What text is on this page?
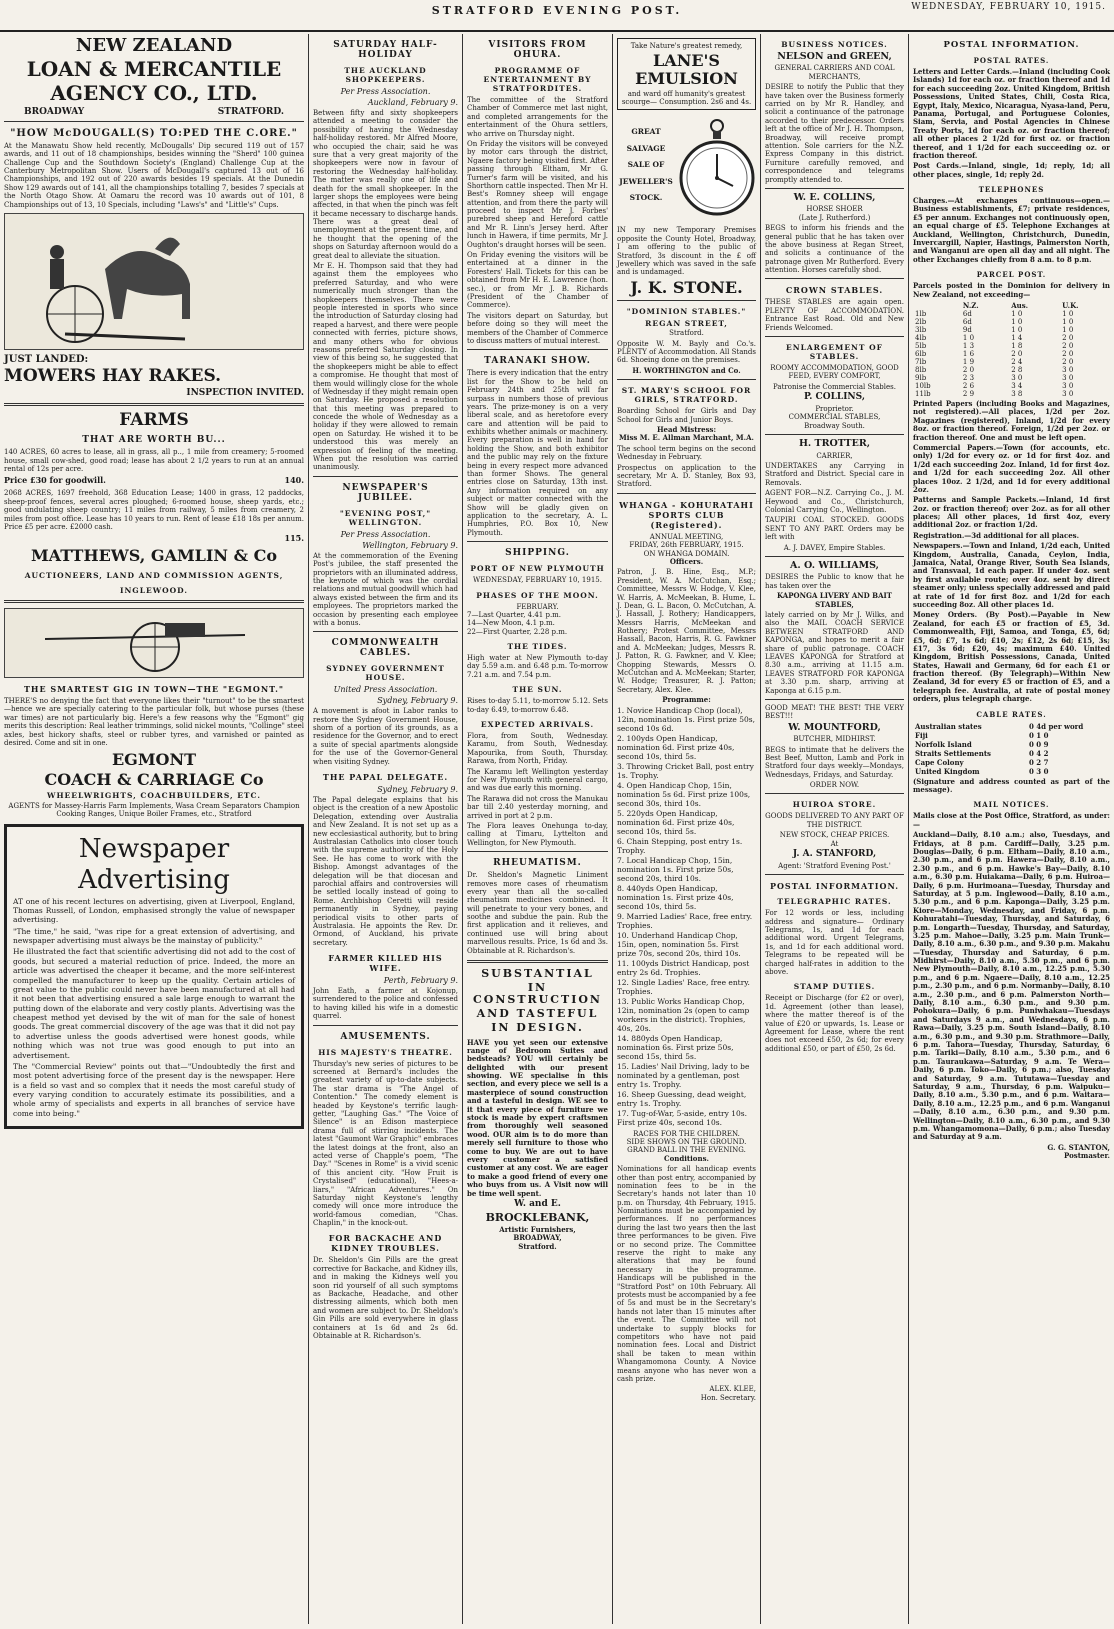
STRATFORD EVENING POST.	WEDNESDAY, FEBRUARY 10, 1915.
NEW ZEALAND
LOAN & MERCANTILE
AGENCY CO., LTD.
BROADWAY	STRATFORD.
"HOW McDOUGALL(S) TO:PED THE C.ORE."
At the Manawatu Show held recently, McDougalls' Dip secured 119 out of 157 awards, and 11 out of 18 championships, besides winning the "Sherd" 100 guinea Challenge Cup and the Southdown Society's (England) Challenge Cup at the Canterbury Metropolitan Show. Users of McDougall's captured 13 out of 16 Championships, and 192 out of 220 awards besides 19 specials. At the Dunedin Show 129 awards out of 141, all the championships totalling 7, besides 7 specials at the North Otago Show. At Oamaru the record was 10 awards out of 101, 8 Championships out of 13, 10 Specials, including "Laws's" and "Little's" Cups.
JUST LANDED:
MOWERS HAY RAKES.
INSPECTION INVITED.
FARMS
THAT ARE WORTH BU...
140 ACRES, 60 acres to lease, all in grass, all p.., 1 mile from creamery; 5-roomed house, small cow-shed, good road; lease has about 2 1/2 years to run at an annual rental of 12s per acre.
Price £30 for goodwill.	140.
2068 ACRES, 1697 freehold, 368 Education Lease; 1400 in grass, 12 paddocks, sheep-proof fences, several acres ploughed; 6-roomed house, sheep yards, etc.; good undulating sheep country; 11 miles from railway, 5 miles from creamery, 2 miles from post office. Lease has 10 years to run. Rent of lease £18 18s per annum. Price £5 per acre. £2000 cash.
115.
MATTHEWS, GAMLIN & Co
AUCTIONEERS, LAND AND COMMISSION AGENTS,
INGLEWOOD.
THE SMARTEST GIG IN TOWN—THE "EGMONT."
THERE'S no denying the fact that everyone likes their "turnout" to be the smartest—hence we are specially catering to the particular folk, but whose purses (these war times) are not particularly big. Here's a few reasons why the "Egmont" gig merits this description: Real leather trimmings, solid nickel mounts, "Collinge" steel axles, best hickory shafts, steel or rubber tyres, and varnished or painted as desired. Come and sit in one.
EGMONT
COACH & CARRIAGE Co
WHEELWRIGHTS, COACHBUILDERS, ETC.
AGENTS for Massey-Harris Farm Implements, Wasa Cream Separators Champion Cooking Ranges, Unique Boiler Frames, etc., Stratford
Newspaper
Advertising
AT one of his recent lectures on advertising, given at Liverpool, England, Thomas Russell, of London, emphasised strongly the value of newspaper advertising.
"The time," he said, "was ripe for a great extension of advertising, and newspaper advertising must always be the mainstay of publicity."
He illustrated the fact that scientific advertising did not add to the cost of goods, but secured a material reduction of price. Indeed, the more an article was advertised the cheaper it became, and the more self-interest compelled the manufacturer to keep up the quality. Certain articles of great value to the public could never have been manufactured at all had it not been that advertising ensured a sale large enough to warrant the putting down of the elaborate and very costly plants. Advertising was the cheapest method yet devised by the wit of man for the sale of honest goods. The great commercial discovery of the age was that it did not pay to advertise unless the goods advertised were honest goods, while nothing which was not true was good enough to put into an advertisement.
The "Commercial Review" points out that—"Undoubtedly the first and most potent advertising force of the present day is the newspaper. Here is a field so vast and so complex that it needs the most careful study of every varying condition to accurately estimate its possibilities, and a whole army of specialists and experts in all branches of service have come into being."
SATURDAY HALF-HOLIDAY
THE AUCKLAND SHOPKEEPERS.
Per Press Association.
Auckland, February 9.
Between fifty and sixty shopkeepers attended a meeting to consider the possibility of having the Wednesday half-holiday restored. Mr Alfred Moore, who occupied the chair, said he was sure that a very great majority of the shopkeepers were now in favour of restoring the Wednesday half-holiday. The matter was really one of life and death for the small shopkeeper. In the larger shops the employees were being affected, in that when the pinch was felt it became necessary to discharge hands. There was a great deal of unemployment at the present time, and he thought that the opening of the shops on Saturday afternoon would do a great deal to alleviate the situation.
Mr E. H. Thompson said that they had against them the employees who preferred Saturday, and who were numerically much stronger than the shopkeepers themselves. There were people interested in sports who since the introduction of Saturday closing had reaped a harvest, and there were people connected with ferries, picture shows, and many others who for obvious reasons preferred Saturday closing. In view of this being so, he suggested that the shopkeepers might be able to effect a compromise. He thought that most of them would willingly close for the whole of Wednesday if they might remain open on Saturday. He proposed a resolution that this meeting was prepared to concede the whole of Wednesday as a holiday if they were allowed to remain open on Saturday. He wished it to be understood this was merely an expression of feeling of the meeting. When put the resolution was carried unanimously.
NEWSPAPER'S JUBILEE.
"EVENING POST," WELLINGTON.
Per Press Association.
Wellington, February 9.
At the commemoration of the Evening Post's jubilee, the staff presented the proprietors with an illuminated address, the keynote of which was the cordial relations and mutual goodwill which had always existed between the firm and its employees. The proprietors marked the occasion by presenting each employee with a bonus.
COMMONWEALTH CABLES.
SYDNEY GOVERNMENT HOUSE.
United Press Association.
Sydney, February 9.
A movement is afoot in Labor ranks to restore the Sydney Government House, shorn of a portion of its grounds, as a residence for the Governor, and to erect a suite of special apartments alongside for the use of the Governor-General when visiting Sydney.
THE PAPAL DELEGATE.
Sydney, February 9.
The Papal delegate explains that his object is the creation of a new Apostolic Delegation, extending over Australia and New Zealand. It is not set up as a new ecclesiastical authority, but to bring Australasian Catholics into closer touch with the supreme authority of the Holy See. He has come to work with the Bishop. Amongst advantages of the delegation will be that diocesan and parochial affairs and controversies will be settled locally instead of going to Rome. Archbishop Ceretti will reside permanently in Sydney, paying periodical visits to other parts of Australasia. He appoints the Rev. Dr. Ormond, of Auckland, his private secretary.
FARMER KILLED HIS WIFE.
Perth, February 9.
John Eath, a farmer at Kojonup, surrendered to the police and confessed to having killed his wife in a domestic quarrel.
AMUSEMENTS.
HIS MAJESTY'S THEATRE.
Thursday's new series of pictures to be screened at Bernard's includes the greatest variety of up-to-date subjects. The star drama is "The Angel of Contention." The comedy element is headed by Keystone's terrific laugh-getter, "Laughing Gas." "The Voice of Silence" is an Edison masterpiece drama full of stirring incidents. The latest "Gaumont War Graphic" embraces the latest doings at the front, also an acted verse of Chapple's poem, "The Day." "Scenes in Rome" is a vivid scenic of this ancient city. "How Fruit is Crystalised" (educational), "Hees-a-liars," "African Adventures." On Saturday night Keystone's lengthy comedy will once more introduce the world-famous comedian, "Chas. Chaplin," in the knock-out.
FOR BACKACHE AND KIDNEY TROUBLES.
Dr. Sheldon's Gin Pills are the great corrective for Backache, and Kidney ills, and in making the Kidneys well you soon rid yourself of all such symptoms as Backache, Headache, and other distressing ailments, which both men and women are subject to. Dr. Sheldon's Gin Pills are sold everywhere in glass containers at 1s 6d and 2s 6d. Obtainable at R. Richardson's.
VISITORS FROM OHURA.
PROGRAMME OF ENTERTAINMENT BY STRATFORDITES.
The committee of the Stratford Chamber of Commerce met last night, and completed arrangements for the entertainment of the Ohura settlers, who arrive on Thursday night.
On Friday the visitors will be conveyed by motor cars through the district, Ngaere factory being visited first. After passing through Eltham, Mr G. Turner's farm will be visited, and his Shorthorn cattle inspected. Then Mr H. Best's Romney sheep will engage attention, and from there the party will proceed to inspect Mr J. Forbes' purebred sheep and Hereford cattle and Mr R. Linn's Jersey herd. After lunch in Hawera, if time permits, Mr J. Oughton's draught horses will be seen.
On Friday evening the visitors will be entertained at a dinner in the Foresters' Hall. Tickets for this can be obtained from Mr H. E. Lawrence (hon. sec.), or from Mr J. B. Richards (President of the Chamber of Commerce).
The visitors depart on Saturday, but before doing so they will meet the members of the Chamber of Commerce to discuss matters of mutual interest.
TARANAKI SHOW.
There is every indication that the entry list for the Show to be held on February 24th and 25th will far surpass in numbers those of previous years. The prize-money is on a very liberal scale, and as heretofore every care and attention will be paid to exhibits whether animals or machinery. Every preparation is well in hand for holding the Show, and both exhibitor and the public may rely on the fixture being in every respect more advanced than former Shows. The general entries close on Saturday, 13th inst. Any information required on any subject or matter connected with the Show will be gladly given on application to the secretary, A. L. Humphries, P.O. Box 10, New Plymouth.
SHIPPING.
PORT OF NEW PLYMOUTH
WEDNESDAY, FEBRUARY 10, 1915.
PHASES OF THE MOON.
FEBRUARY.
7—Last Quarter, 4.41 p.m.
14—New Moon, 4.1 p.m.
22—First Quarter, 2.28 p.m.
THE TIDES.
High water at New Plymouth to-day day 5.59 a.m. and 6.48 p.m. To-morrow 7.21 a.m. and 7.54 p.m.
THE SUN.
Rises to-day 5.11, to-morrow 5.12. Sets to-day 6.49, to-morrow 6.48.
EXPECTED ARRIVALS.
Flora, from South, Wednesday. Karamu, from South, Wednesday. Mapourika, from South, Thursday. Rarawa, from North, Friday.
The Karamu left Wellington yesterday for New Plymouth with general cargo, and was due early this morning.
The Rarawa did not cross the Manukau bar till 2.40 yesterday morning, and arrived in port at 2 p.m.
The Flora leaves Onehunga to-day, calling at Timaru, Lyttelton and Wellington, for New Plymouth.
RHEUMATISM.
Dr. Sheldon's Magnetic Liniment removes more cases of rheumatism every year than all the so-called rheumatism medicines combined. It will penetrate to your very bones, and soothe and subdue the pain. Rub the first application and it relieves, and continued use will bring about marvellous results. Price, 1s 6d and 3s. Obtainable at R. Richardson's.
SUBSTANTIAL
IN CONSTRUCTION
AND TASTEFUL
IN DESIGN.
HAVE you yet seen our extensive range of Bedroom Suites and bedsteads? YOU will certainly be delighted with our present showing. WE specialise in this section, and every piece we sell is a masterpiece of sound construction and a tasteful in design. WE see to it that every piece of furniture we stock is made by expert craftsmen from thoroughly well seasoned wood. OUR aim is to do more than merely sell furniture to those who come to buy. We are out to have every customer a satisfied customer at any cost. We are eager to make a good friend of every one who buys from us. A Visit now will be time well spent.
W. and E.
BROCKLEBANK,
Artistic Furnishers,
BROADWAY,
Stratford.
Take Nature's greatest remedy,
LANE'S EMULSION
and ward off humanity's greatest scourge— Consumption. 2s6 and 4s.
GREAT
SALVAGE
SALE OF
JEWELLER'S
STOCK.
IN my new Temporary Premises opposite the County Hotel, Broadway, I am offering to the public of Stratford, 3s discount in the £ off Jewellery which was saved in the safe and is undamaged.
J. K. STONE.
"DOMINION STABLES."
REGAN STREET,
Stratford.
Opposite W. M. Bayly and Co.'s. PLENTY of Accommodation. All Stands 6d. Shoeing done on the premises.
H. WORTHINGTON and Co.
ST. MARY'S SCHOOL FOR GIRLS, STRATFORD.
Boarding School for Girls and Day School for Girls and Junior Boys.
Head Mistress:
Miss M. E. Allman Marchant, M.A.
The school term begins on the second Wednesday in February.
Prospectus on application to the secretary, Mr A. D. Stanley, Box 93, Stratford.
WHANGA - KOHURATAHI SPORTS CLUB (Registered).
ANNUAL MEETING,
FRIDAY, 26th FEBRUARY, 1915.
ON WHANGA DOMAIN.
Officers.
Patron, J. B. Hine, Esq., M.P.; President, W. A. McCutchan, Esq.; Committee, Messrs W. Hodge, V. Klee, W. Harris, A. McMeekan, B. Hume, L. J. Dean, G. L. Bacon, O. McCutchan, A. J. Hassall, J. Rothery; Handicappers, Messrs Harris, McMeekan and Rothery; Protest Committee, Messrs Hassall, Bacon, Harris, R. G. Fawkner and A. McMeekan; Judges, Messrs R. J. Patton, R. G. Fawkner, and V. Klee; Chopping Stewards, Messrs O. McCutchan and A. McMeekan; Starter, W. Hodge; Treasurer, R. J. Patton; Secretary, Alex. Klee.
Programme:
1. Novice Handicap Chop (local), 12in, nomination 1s. First prize 50s, second 10s 6d.
2. 100yds Open Handicap, nomination 6d. First prize 40s, second 10s, third 5s.
3. Throwing Cricket Ball, post entry 1s. Trophy.
4. Open Handicap Chop, 15in, nomination 5s 6d. First prize 100s, second 30s, third 10s.
5. 220yds Open Handicap, nomination 6d. First prize 40s, second 10s, third 5s.
6. Chain Stepping, post entry 1s. Trophy.
7. Local Handicap Chop, 15in, nomination 1s. First prize 50s, second 20s, third 10s.
8. 440yds Open Handicap, nomination 1s. First prize 40s, second 10s, third 5s.
9. Married Ladies' Race, free entry. Trophies.
10. Underhand Handicap Chop, 15in, open, nomination 5s. First prize 70s, second 20s, third 10s.
11. 100yds District Handicap, post entry 2s 6d. Trophies.
12. Single Ladies' Race, free entry. Trophies.
13. Public Works Handicap Chop, 12in, nomination 2s (open to camp workers in the district). Trophies, 40s, 20s.
14. 880yds Open Handicap, nomination 6s. First prize 50s, second 15s, third 5s.
15. Ladies' Nail Driving, lady to be nominated by a gentleman, post entry 1s. Trophy.
16. Sheep Guessing, dead weight, entry 1s. Trophy.
17. Tug-of-War, 5-aside, entry 10s. First prize 40s, second 10s.
RACES FOR THE CHILDREN.
SIDE SHOWS ON THE GROUND.
GRAND BALL IN THE EVENING.
Conditions.
Nominations for all handicap events other than post entry, accompanied by nomination fees to be in the Secretary's hands not later than 10 p.m. on Thursday, 4th February, 1915. Nominations must be accompanied by performances. If no performances during the last two years then the last three performances to be given. Five or no second prize. The Committee reserve the right to make any alterations that may be found necessary in the programme. Handicaps will be published in the "Stratford Post" on 10th February. All protests must be accompanied by a fee of 5s and must be in the Secretary's hands not later than 15 minutes after the event. The Committee will not undertake to supply blocks for competitors who have not paid nomination fees. Local and District shall be taken to mean within Whangamomona County. A Novice means anyone who has never won a cash prize.
ALEX. KLEE,
Hon. Secretary.
BUSINESS NOTICES.
NELSON and GREEN,
GENERAL CARRIERS AND COAL MERCHANTS,
DESIRE to notify the Public that they have taken over the Business formerly carried on by Mr R. Handley, and solicit a continuance of the patronage accorded to their predecessor. Orders left at the office of Mr J. H. Thompson, Broadway, will receive prompt attention. Sole carriers for the N.Z. Express Company in this district. Furniture carefully removed, and correspondence and telegrams promptly attended to.
W. E. COLLINS,
HORSE SHOER
(Late J. Rutherford.)
BEGS to inform his friends and the general public that he has taken over the above business at Regan Street, and solicits a continuance of the patronage given Mr Rutherford. Every attention. Horses carefully shod.
CROWN STABLES.
THESE STABLES are again open. PLENTY OF ACCOMMODATION. Entrance East Road. Old and New Friends Welcomed.
ENLARGEMENT OF STABLES.
ROOMY ACCOMMODATION, GOOD FEED, EVERY COMFORT,
Patronise the Commercial Stables.
P. COLLINS,
Proprietor.
COMMERCIAL STABLES,
Broadway South.
H. TROTTER,
CARRIER,
UNDERTAKES any Carrying in Stratford and District. Special care in Removals.
AGENT FOR—N.Z. Carrying Co., J. M. Heywood and Co., Christchurch, Colonial Carrying Co., Wellington.
TAUPIRI COAL STOCKED. GOODS SENT TO ANY PART. Orders may be left with
A. J. DAVEY, Empire Stables.
A. O. WILLIAMS,
DESIRES the Public to know that he has taken over the
KAPONGA LIVERY AND BAIT STABLES,
lately carried on by Mr J. Wilks, and also the MAIL COACH SERVICE BETWEEN STRATFORD AND KAPONGA, and hopes to merit a fair share of public patronage. COACH LEAVES KAPONGA for Stratford at 8.30 a.m., arriving at 11.15 a.m. LEAVES STRATFORD FOR KAPONGA at 3.30 p.m. sharp, arriving at Kaponga at 6.15 p.m.
GOOD MEAT! THE BEST! THE VERY BEST!!!
W. MOUNTFORD,
BUTCHER, MIDHIRST.
BEGS to intimate that he delivers the Best Beef, Mutton, Lamb and Pork in Stratford four days weekly—Mondays, Wednesdays, Fridays, and Saturday.
ORDER NOW.
HUIROA STORE.
GOODS DELIVERED TO ANY PART OF THE DISTRICT.
NEW STOCK, CHEAP PRICES.
At
J. A. STANFORD,
Agent: 'Stratford Evening Post.'
POSTAL INFORMATION.
TELEGRAPHIC RATES.
For 12 words or less, including address and signature— Ordinary Telegrams, 1s, and 1d for each additional word. Urgent Telegrams, 1s, and 1d for each additional word. Telegrams to be repeated will be charged half-rates in addition to the above.
STAMP DUTIES.
Receipt or Discharge (for £2 or over), 1d. Agreement (other than lease), where the matter thereof is of the value of £20 or upwards, 1s. Lease or Agreement for Lease, where the rent does not exceed £50, 2s 6d; for every additional £50, or part of £50, 2s 6d.
POSTAL INFORMATION.
POSTAL RATES.
Letters and Letter Cards.—Inland (including Cook Islands) 1d for each oz. or fraction thereof and 1d for each succeeding 2oz. United Kingdom, British Possessions, United States, Chili, Costa Rica, Egypt, Italy, Mexico, Nicaragua, Nyasa-land, Peru, Panama, Portugal, and Portuguese Colonies, Siam, Servia, and Postal Agencies in Chinese Treaty Ports, 1d for each oz. or fraction thereof; all other places 2 1/2d for first oz. or fraction thereof, and 1 1/2d for each succeeding oz. or fraction thereof.
Post Cards.—Inland, single, 1d; reply, 1d; all other places, single, 1d; reply 2d.
TELEPHONES
Charges.—At exchanges continuous—open.—Business establishments, £7; private residences, £5 per annum. Exchanges not continuously open, an equal charge of £5. Telephone Exchanges at Auckland, Wellington, Christchurch, Dunedin, Invercargill, Napier, Hastings, Palmerston North, and Wanganui are open all day and all night. The other Exchanges chiefly from 8 a.m. to 8 p.m.
PARCEL POST.
Parcels posted in the Dominion for delivery in New Zealand, not exceeding—
	N.Z.	Aus.	U.K.
1lb	6d	1 0	1 0
2lb	6d	1 0	1 0
3lb	9d	1 0	1 0
4lb	1 0	1 4	2 0
5lb	1 3	1 8	2 0
6lb	1 6	2 0	2 0
7lb	1 9	2 4	2 0
8lb	2 0	2 8	3 0
9lb	2 3	3 0	3 0
10lb	2 6	3 4	3 0
11lb	2 9	3 8	3 0
Printed Papers (including Books and Magazines, not registered).—All places, 1/2d per 2oz. Magazines (registered), Inland, 1/2d for every 8oz. or fraction thereof. Foreign, 1/2d per 2oz. or fraction thereof. One and must be left open.
Commercial Papers.—Town (for accounts, etc. only) 1/2d for every oz. or 1d for first 4oz. and 1/2d each succeeding 2oz. Inland, 1d for first 4oz. and 1/2d for each succeeding 2oz. All other places 10oz. 2 1/2d, and 1d for every additional 2oz.
Patterns and Sample Packets.—Inland, 1d first 2oz. or fraction thereof; over 2oz. as for all other places; All other places, 1d first 4oz, every additional 2oz. or fraction 1/2d.
Registration.—3d additional for all places.
Newspapers.—Town and Inland, 1/2d each, United Kingdom, Australia, Canada, Ceylon, India, Jamaica, Natal, Orange River, South Sea Islands, and Transvaal, 1d each paper. If under 4oz. sent by first available route; over 4oz. sent by direct steamer only; unless specially addressed and paid at rate of 1d for first 8oz. and 1/2d for each succeeding 8oz. All other places 1d.
Money Orders. (By Post).—Payable in New Zealand, for each £5 or fraction of £5, 3d. Commonwealth, Fiji, Samoa, and Tonga, £5, 6d; £5, 6d; £7, 1s 6d; £10, 2s; £12, 2s 6d; £15, 3s; £17, 3s 6d; £20, 4s; maximum £40. United Kingdom, British Possessions, Canada, United States, Hawaii and Germany, 6d for each £1 or fraction thereof. (By Telegraph)—Within New Zealand, 3d for every £5 or fraction of £5, and a telegraph fee. Australia, at rate of postal money orders, plus telegraph charge.
CABLE RATES.
Australian states	0 4d per word
Fiji	0 1 0
Norfolk Island	0 0 9
Straits Settlements	0 4 2
Cape Colony	0 2 7
United Kingdom	0 3 0
(Signature and address counted as part of the message).
MAIL NOTICES.
Mails close at the Post Office, Stratford, as under:—
Auckland—Daily, 8.10 a.m.; also, Tuesdays, and Fridays, at 8 p.m. Cardiff—Daily, 3.25 p.m. Douglas—Daily, 6 p.m. Eltham—Daily, 8.10 a.m., 2.30 p.m., and 6 p.m. Hawera—Daily, 8.10 a.m., 2.30 p.m., and 6 p.m. Hawke's Bay—Daily, 8.10 a.m., 6.30 p.m. Huiakama—Daily, 6 p.m. Huiroa—Daily, 6 p.m. Hurimoana—Tuesday, Thursday and Saturday, at 5 p.m. Inglewood—Daily, 8.10 a.m., 5.30 p.m., and 6 p.m. Kaponga—Daily, 3.25 p.m. Kiore—Monday, Wednesday, and Friday, 6 p.m. Kohuratahi—Tuesday, Thursday, and Saturday, 6 p.m. Longarth—Tuesday, Thursday, and Saturday, 3.25 p.m. Mahoe—Daily, 3.25 p.m. Main Trunk—Daily, 8.10 a.m., 6.30 p.m., and 9.30 p.m. Makahu—Tuesday, Thursday and Saturday, 6 p.m. Midhirst—Daily, 8.10 a.m., 5.30 p.m., and 6 p.m. New Plymouth—Daily, 8.10 a.m., 12.25 p.m., 5.30 p.m., and 6 p.m. Ngaere—Daily, 8.10 a.m., 12.25 p.m., 2.30 p.m., and 6 p.m. Normanby—Daily, 8.10 a.m., 2.30 p.m., and 6 p.m. Palmerston North—Daily, 8.10 a.m., 6.30 p.m., and 9.30 p.m. Pohokura—Daily, 6 p.m. Puniwhakau—Tuesdays and Saturdays 9 a.m., and Wednesdays, 6 p.m. Rawa—Daily, 3.25 p.m. South Island—Daily, 8.10 a.m., 6.30 p.m., and 9.30 p.m. Strathmore—Daily, 6 p.m. Tahora—Tuesday, Thursday, Saturday, 6 p.m. Tariki—Daily, 8.10 a.m., 5.30 p.m., and 6 p.m. Tauraukawa—Saturday, 9 a.m. Te Wera—Daily, 6 p.m. Toko—Daily, 6 p.m.; also, Tuesday and Saturday, 9 a.m. Tututawa—Tuesday and Saturday, 9 a.m., Thursday, 6 p.m. Waipuku—Daily, 8.10 a.m., 5.30 p.m., and 6 p.m. Waitara—Daily, 8.10 a.m., 12.25 p.m., and 6 p.m. Wanganui—Daily, 8.10 a.m., 6.30 p.m., and 9.30 p.m. Wellington—Daily, 8.10 a.m., 6.30 p.m., and 9.30 p.m. Whangamomona—Daily, 6 p.m.; also Tuesday and Saturday at 9 a.m.
G. G. STANTON,
Postmaster.
